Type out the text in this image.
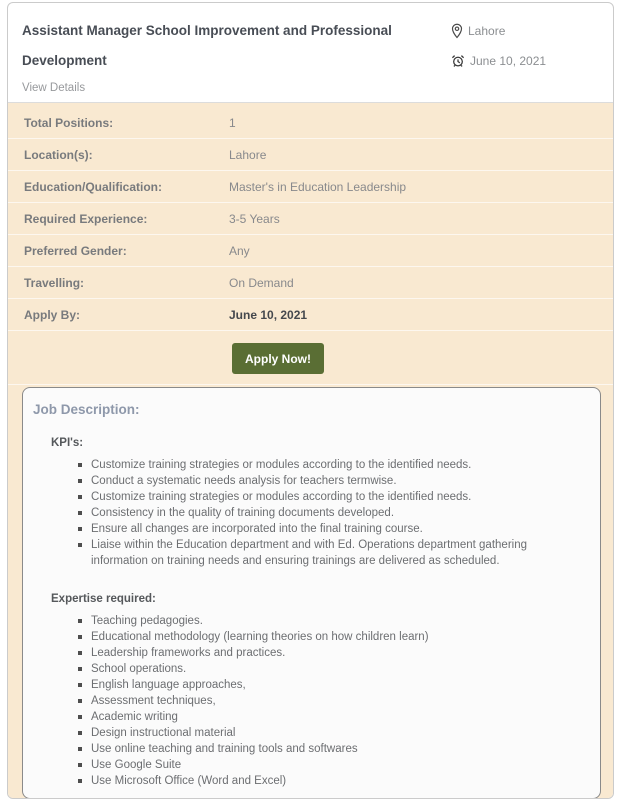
Assistant Manager School Improvement and Professional Development
Lahore
June 10, 2021
View Details
Total Positions:	1
Location(s):	Lahore
Education/Qualification:	Master's in Education Leadership
Required Experience:	3-5 Years
Preferred Gender:	Any
Travelling:	On Demand
Apply By:	June 10, 2021
Apply Now!
Job Description:
KPI's:
Customize training strategies or modules according to the identified needs.
Conduct a systematic needs analysis for teachers termwise.
Customize training strategies or modules according to the identified needs.
Consistency in the quality of training documents developed.
Ensure all changes are incorporated into the final training course.
Liaise within the Education department and with Ed. Operations department gathering information on training needs and ensuring trainings are delivered as scheduled.
Expertise required:
Teaching pedagogies.
Educational methodology (learning theories on how children learn)
Leadership frameworks and practices.
School operations.
English language approaches,
Assessment techniques,
Academic writing
Design instructional material
Use online teaching and training tools and softwares
Use Google Suite
Use Microsoft Office (Word and Excel)
